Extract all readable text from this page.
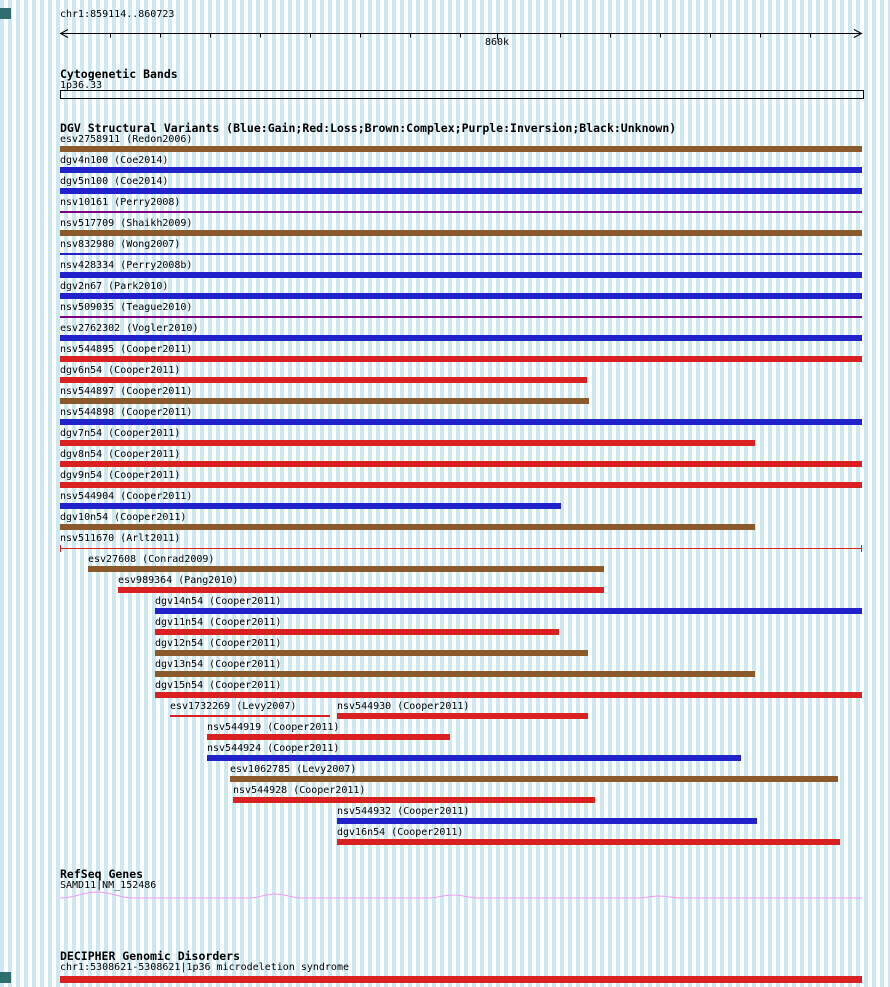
chr1:859114..860723
860k
Cytogenetic Bands
1p36.33
DGV Structural Variants (Blue:Gain;Red:Loss;Brown:Complex;Purple:Inversion;Black:Unknown)
esv2758911 (Redon2006)
dgv4n100 (Coe2014)
dgv5n100 (Coe2014)
nsv10161 (Perry2008)
nsv517709 (Shaikh2009)
nsv832980 (Wong2007)
nsv428334 (Perry2008b)
dgv2n67 (Park2010)
nsv509035 (Teague2010)
esv2762302 (Vogler2010)
nsv544895 (Cooper2011)
dgv6n54 (Cooper2011)
nsv544897 (Cooper2011)
nsv544898 (Cooper2011)
dgv7n54 (Cooper2011)
dgv8n54 (Cooper2011)
dgv9n54 (Cooper2011)
nsv544904 (Cooper2011)
dgv10n54 (Cooper2011)
nsv511670 (Arlt2011)
esv27608 (Conrad2009)
esv989364 (Pang2010)
dgv14n54 (Cooper2011)
dgv11n54 (Cooper2011)
dgv12n54 (Cooper2011)
dgv13n54 (Cooper2011)
dgv15n54 (Cooper2011)
esv1732269 (Levy2007)	nsv544930 (Cooper2011)
nsv544919 (Cooper2011)
nsv544924 (Cooper2011)
esv1062785 (Levy2007)
nsv544928 (Cooper2011)
nsv544932 (Cooper2011)
dgv16n54 (Cooper2011)
RefSeq Genes
SAMD11|NM_152486
DECIPHER Genomic Disorders
chr1:5308621-5308621|1p36 microdeletion syndrome
